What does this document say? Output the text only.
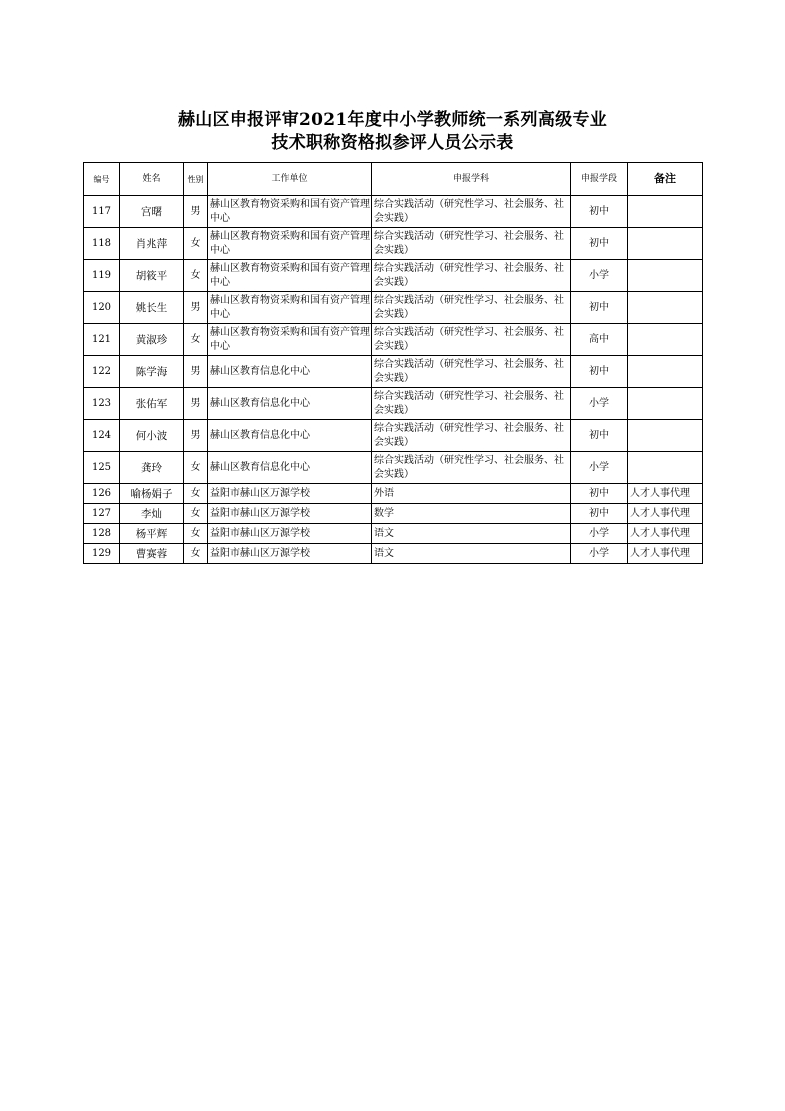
赫山区申报评审2021年度中小学教师统一系列高级专业
技术职称资格拟参评人员公示表
编号	姓名	性别	工作单位	申报学科	申报学段	备注
117	宫曙	男	赫山区教育物资采购和国有资产管理中心	综合实践活动（研究性学习、社会服务、社会实践）	初中	
118	肖兆萍	女	赫山区教育物资采购和国有资产管理中心	综合实践活动（研究性学习、社会服务、社会实践）	初中	
119	胡筱平	女	赫山区教育物资采购和国有资产管理中心	综合实践活动（研究性学习、社会服务、社会实践）	小学	
120	姚长生	男	赫山区教育物资采购和国有资产管理中心	综合实践活动（研究性学习、社会服务、社会实践）	初中	
121	黄淑珍	女	赫山区教育物资采购和国有资产管理中心	综合实践活动（研究性学习、社会服务、社会实践）	高中	
122	陈学海	男	赫山区教育信息化中心	综合实践活动（研究性学习、社会服务、社会实践）	初中	
123	张佑军	男	赫山区教育信息化中心	综合实践活动（研究性学习、社会服务、社会实践）	小学	
124	何小波	男	赫山区教育信息化中心	综合实践活动（研究性学习、社会服务、社会实践）	初中	
125	龚玲	女	赫山区教育信息化中心	综合实践活动（研究性学习、社会服务、社会实践）	小学	
126	喻杨娟子	女	益阳市赫山区万源学校	外语	初中	人才人事代理
127	李灿	女	益阳市赫山区万源学校	数学	初中	人才人事代理
128	杨平辉	女	益阳市赫山区万源学校	语文	小学	人才人事代理
129	曹赛蓉	女	益阳市赫山区万源学校	语文	小学	人才人事代理
